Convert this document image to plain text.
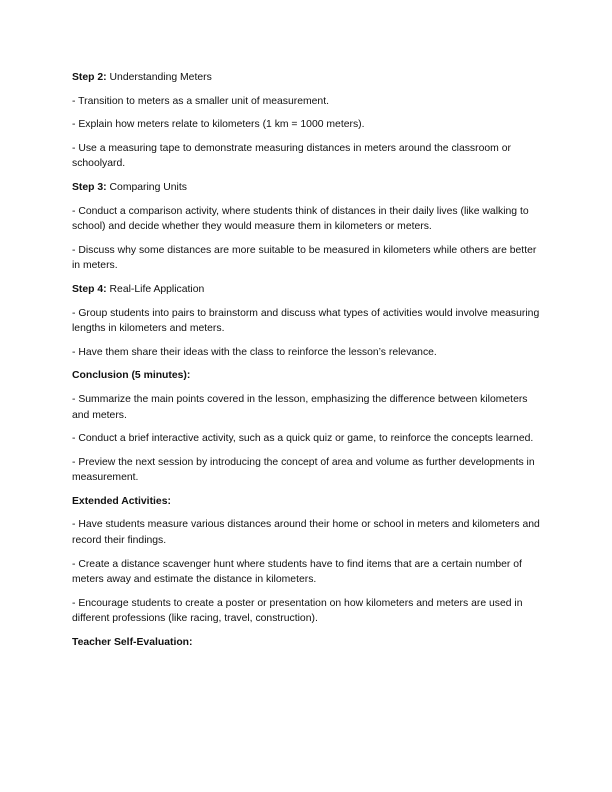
Step 2: Understanding Meters
- Transition to meters as a smaller unit of measurement.
- Explain how meters relate to kilometers (1 km = 1000 meters).
- Use a measuring tape to demonstrate measuring distances in meters around the classroom or schoolyard.
Step 3: Comparing Units
- Conduct a comparison activity, where students think of distances in their daily lives (like walking to school) and decide whether they would measure them in kilometers or meters.
- Discuss why some distances are more suitable to be measured in kilometers while others are better in meters.
Step 4: Real-Life Application
- Group students into pairs to brainstorm and discuss what types of activities would involve measuring lengths in kilometers and meters.
- Have them share their ideas with the class to reinforce the lesson’s relevance.
Conclusion (5 minutes):
- Summarize the main points covered in the lesson, emphasizing the difference between kilometers and meters.
- Conduct a brief interactive activity, such as a quick quiz or game, to reinforce the concepts learned.
- Preview the next session by introducing the concept of area and volume as further developments in measurement.
Extended Activities:
- Have students measure various distances around their home or school in meters and kilometers and record their findings.
- Create a distance scavenger hunt where students have to find items that are a certain number of meters away and estimate the distance in kilometers.
- Encourage students to create a poster or presentation on how kilometers and meters are used in different professions (like racing, travel, construction).
Teacher Self-Evaluation:
